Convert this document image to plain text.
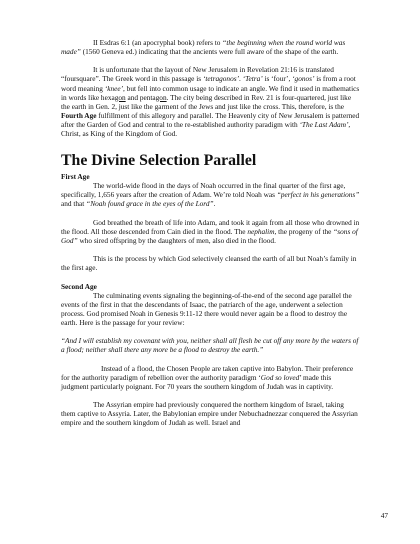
II Esdras 6:1 (an apocryphal book) refers to “the beginning when the round world was made” (1560 Geneva ed.) indicating that the ancients were full aware of the shape of the earth.

It is unfortunate that the layout of New Jerusalem in Revelation 21:16 is translated “foursquare”. The Greek word in this passage is ‘tetragonos’. ‘Tetra’ is ‘four’, ‘gonos’ is from a root word meaning ‘knee’, but fell into common usage to indicate an angle. We find it used in mathematics in words like hexagon and pentagon. The city being described in Rev. 21 is four-quartered, just like the earth in Gen. 2, just like the garment of the Jews and just like the cross. This, therefore, is the Fourth Age fulfillment of this allegory and parallel. The Heavenly city of New Jerusalem is patterned after the Garden of God and central to the re-established authority paradigm with ‘The Last Adam’, Christ, as King of the Kingdom of God.

The Divine Selection Parallel
First Age

The world-wide flood in the days of Noah occurred in the final quarter of the first age, specifically, 1,656 years after the creation of Adam. We’re told Noah was “perfect in his generations” and that “Noah found grace in the eyes of the Lord”.

God breathed the breath of life into Adam, and took it again from all those who drowned in the flood. All those descended from Cain died in the flood. The nephalim, the progeny of the “sons of God” who sired offspring by the daughters of men, also died in the flood.

This is the process by which God selectively cleansed the earth of all but Noah’s family in the first age.

Second Age

The culminating events signaling the beginning-of-the-end of the second age parallel the events of the first in that the descendants of Isaac, the patriarch of the age, underwent a selection process. God promised Noah in Genesis 9:11-12 there would never again be a flood to destroy the earth. Here is the passage for your review:

“And I will establish my covenant with you, neither shall all flesh be cut off any more by the waters of a flood; neither shall there any more be a flood to destroy the earth.”

Instead of a flood, the Chosen People are taken captive into Babylon. Their preference for the authority paradigm of rebellion over the authority paradigm ‘God so loved’ made this judgment particularly poignant. For 70 years the southern kingdom of Judah was in captivity.

The Assyrian empire had previously conquered the northern kingdom of Israel, taking them captive to Assyria. Later, the Babylonian empire under Nebuchadnezzar conquered the Assyrian empire and the southern kingdom of Judah as well. Israel and

47
